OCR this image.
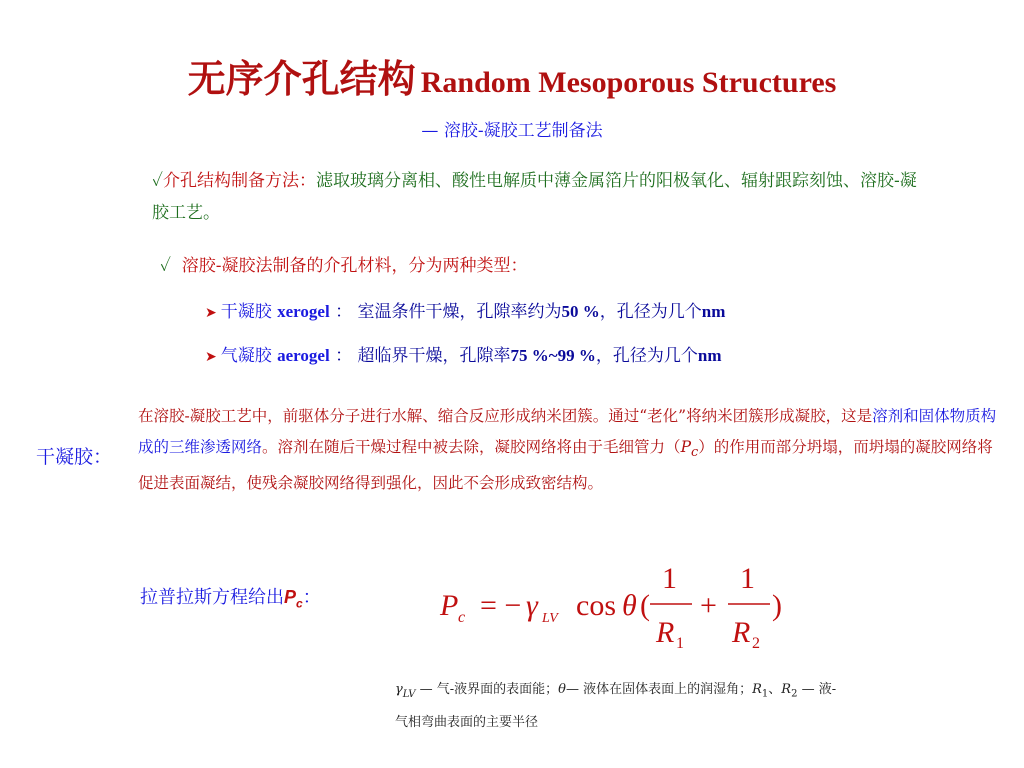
无序介孔结构 Random Mesoporous Structures
— 溶胶-凝胶工艺制备法
✓介孔结构制备方法：滤取玻璃分离相、酸性电解质中薄金属箔片的阳极氧化、辐射跟踪刻蚀、溶胶-凝胶工艺。
✓ 溶胶-凝胶法制备的介孔材料，分为两种类型：
➤ 干凝胶 xerogel ： 室温条件干燥，孔隙率约为50 %，孔径为几个nm
➤ 气凝胶 aerogel ： 超临界干燥，孔隙率75 %~99 %，孔径为几个nm
干凝胶：
在溶胶-凝胶工艺中，前驱体分子进行水解、缩合反应形成纳米团簇。通过“老化”将纳米团簇形成凝胶，这是溶剂和固体物质构成的三维渗透网络。溶剂在随后干燥过程中被去除，凝胶网络将由于毛细管力$(P_c)$的作用而部分坍塌，而坍塌的凝胶网络将促进表面凝结，使残余凝胶网络得到强化，因此不会形成致密结构。
拉普拉斯方程给出$P_c$：	P c = − γ LV cos θ (
1
R 1
+
1
R 2
)
$\gamma_{LV}$ — 气-液界面的表面能；θ— 液体在固体表面上的润湿角；$R_1$、$R_2$ — 液-气相弯曲表面的主要半径
